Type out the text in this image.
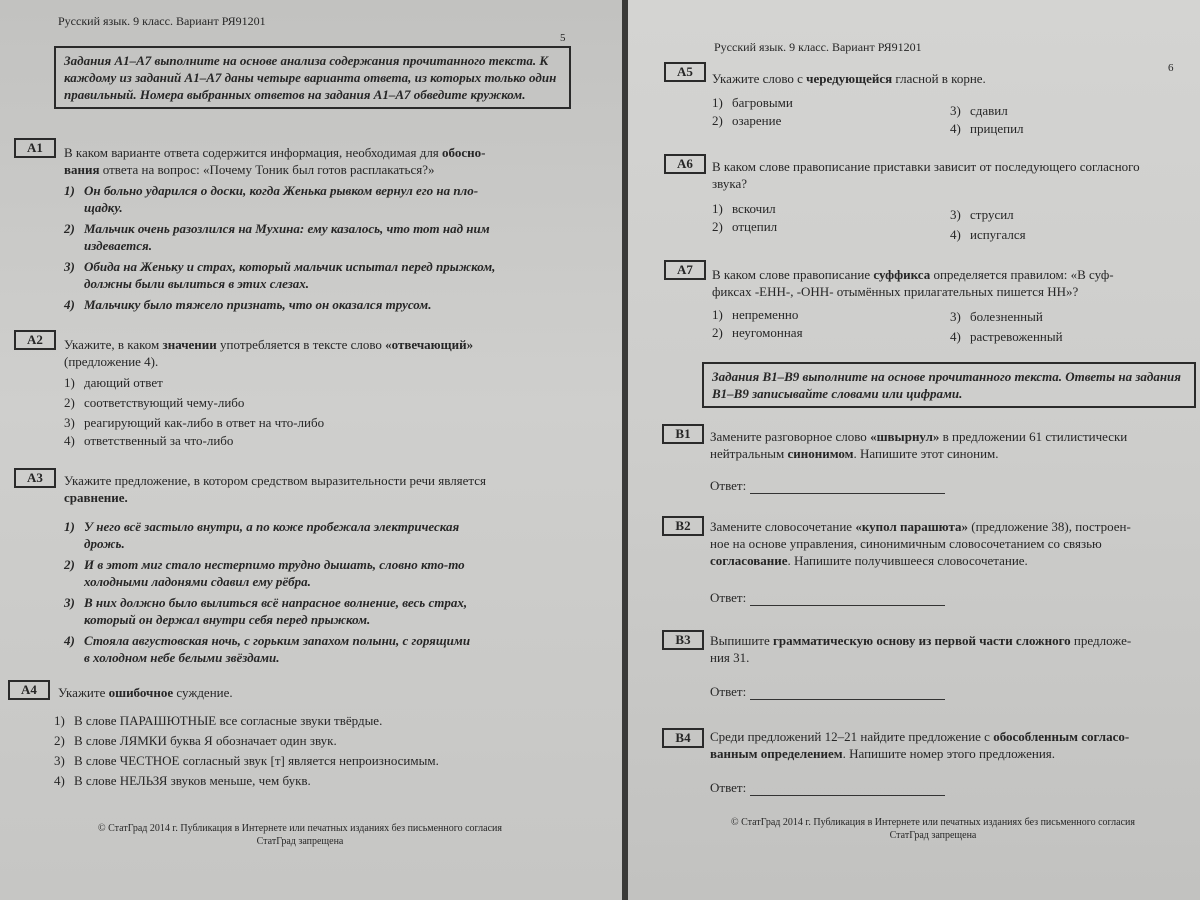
Русский язык. 9 класс. Вариант РЯ91201
5
Задания А1–А7 выполните на основе анализа содержания прочитанного текста. К каждому из заданий А1–А7 даны четыре варианта ответа, из которых только один правильный. Номера выбранных ответов на задания А1–А7 обведите кружком.
А1	В каком варианте ответа содержится информация, необходимая для обосно-
вания ответа на вопрос: «Почему Тоник был готов расплакаться?»
1) Он больно ударился о доски, когда Женька рывком вернул его на пло-
щадку.
2) Мальчик очень разозлился на Мухина: ему казалось, что тот над ним
издевается.
3) Обида на Женьку и страх, который мальчик испытал перед прыжком,
должны были вылиться в этих слезах.
4) Мальчику было тяжело признать, что он оказался трусом.
А2	Укажите, в каком значении употребляется в тексте слово «отвечающий»
(предложение 4).
1) дающий ответ
2) соответствующий чему-либо
3) реагирующий как-либо в ответ на что-либо
4) ответственный за что-либо
А3	Укажите предложение, в котором средством выразительности речи является
сравнение.
1) У него всё застыло внутри, а по коже пробежала электрическая
дрожь.
2) И в этот миг стало нестерпимо трудно дышать, словно кто-то
холодными ладонями сдавил ему рёбра.
3) В них должно было вылиться всё напрасное волнение, весь страх,
который он держал внутри себя перед прыжком.
4) Стояла августовская ночь, с горьким запахом полыни, с горящими
в холодном небе белыми звёздами.
А4	Укажите ошибочное суждение.
1) В слове ПАРАШЮТНЫЕ все согласные звуки твёрдые.
2) В слове ЛЯМКИ буква Я обозначает один звук.
3) В слове ЧЕСТНОЕ согласный звук [т] является непроизносимым.
4) В слове НЕЛЬЗЯ звуков меньше, чем букв.
© СтатГрад 2014 г. Публикация в Интернете или печатных изданиях без письменного согласия
СтатГрад запрещена
Русский язык. 9 класс. Вариант РЯ91201
6
А5	Укажите слово с чередующейся гласной в корне.
1) багровыми
3) сдавил
2) озарение
4) прицепил
А6	В каком слове правописание приставки зависит от последующего согласного
звука?
1) вскочил	3) струсил
2) отцепил
4) испугался
А7	В каком слове правописание суффикса определяется правилом: «В суф-
фиксах -ЕНН-, -ОНН- отымённых прилагательных пишется НН»?
1) непременно	3) болезненный
2) неугомонная	4) растревоженный
Задания В1–В9 выполните на основе прочитанного текста. Ответы на задания В1–В9 записывайте словами или цифрами.
В1	Замените разговорное слово «швырнул» в предложении 61 стилистически
нейтральным синонимом. Напишите этот синоним.
Ответ:
В2	Замените словосочетание «купол парашюта» (предложение 38), построен-
ное на основе управления, синонимичным словосочетанием со связью
согласование. Напишите получившееся словосочетание.
Ответ:
В3	Выпишите грамматическую основу из первой части сложного предложе-
ния 31.
Ответ:
В4	Среди предложений 12–21 найдите предложение с обособленным согласо-
ванным определением. Напишите номер этого предложения.
Ответ:
© СтатГрад 2014 г. Публикация в Интернете или печатных изданиях без письменного согласия
СтатГрад запрещена
